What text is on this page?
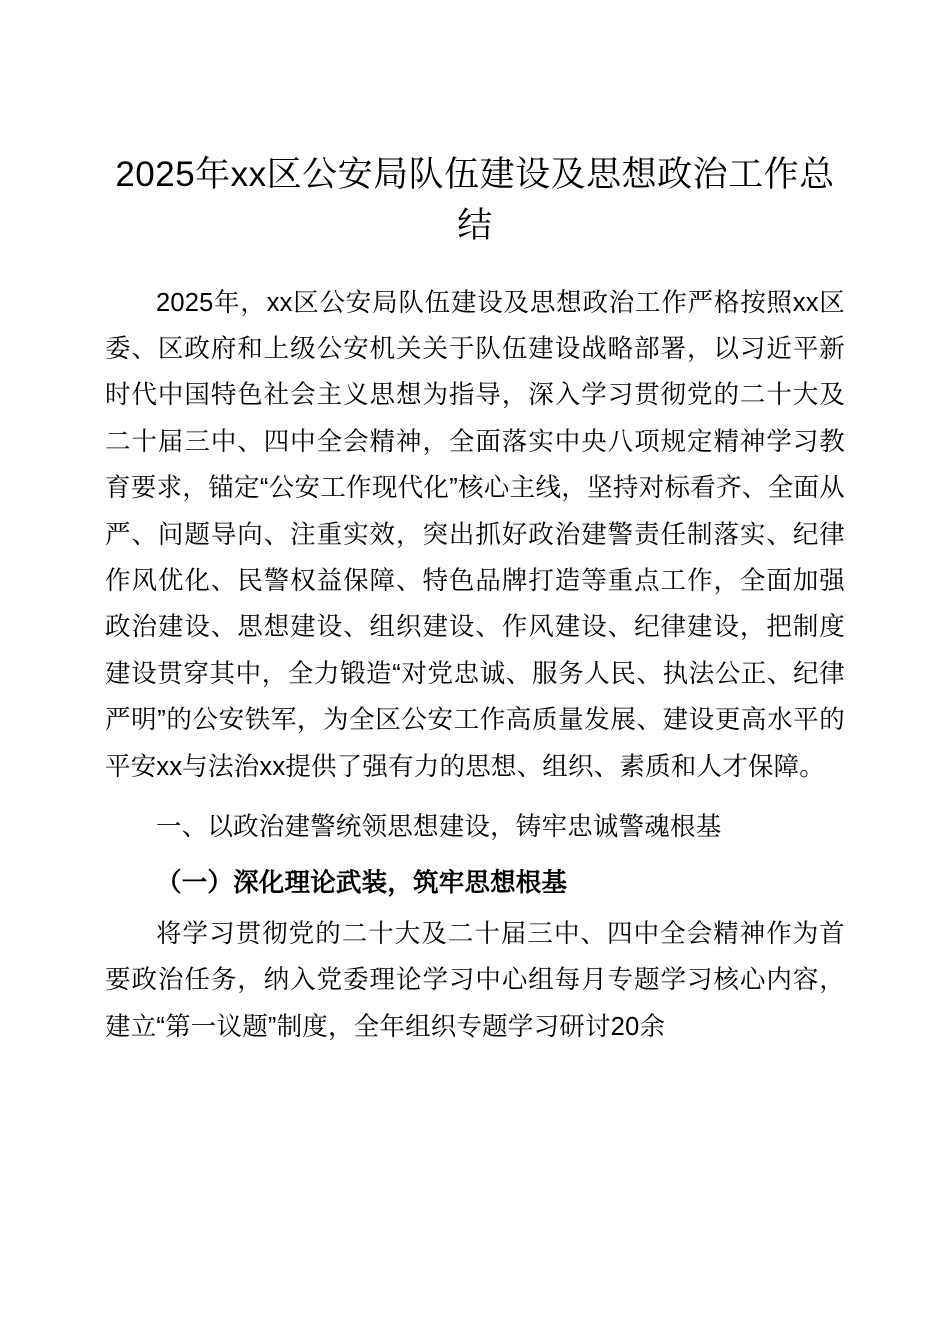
2025年xx区公安局队伍建设及思想政治工作总结

2025年，xx区公安局队伍建设及思想政治工作严格按照xx区委、区政府和上级公安机关关于队伍建设战略部署，以习近平新时代中国特色社会主义思想为指导，深入学习贯彻党的二十大及二十届三中、四中全会精神，全面落实中央八项规定精神学习教育要求，锚定“公安工作现代化”核心主线，坚持对标看齐、全面从严、问题导向、注重实效，突出抓好政治建警责任制落实、纪律作风优化、民警权益保障、特色品牌打造等重点工作，全面加强政治建设、思想建设、组织建设、作风建设、纪律建设，把制度建设贯穿其中，全力锻造“对党忠诚、服务人民、执法公正、纪律严明”的公安铁军，为全区公安工作高质量发展、建设更高水平的平安xx与法治xx提供了强有力的思想、组织、素质和人才保障。

一、以政治建警统领思想建设，铸牢忠诚警魂根基

（一）深化理论武装，筑牢思想根基

将学习贯彻党的二十大及二十届三中、四中全会精神作为首要政治任务，纳入党委理论学习中心组每月专题学习核心内容，建立“第一议题”制度，全年组织专题学习研讨20余
